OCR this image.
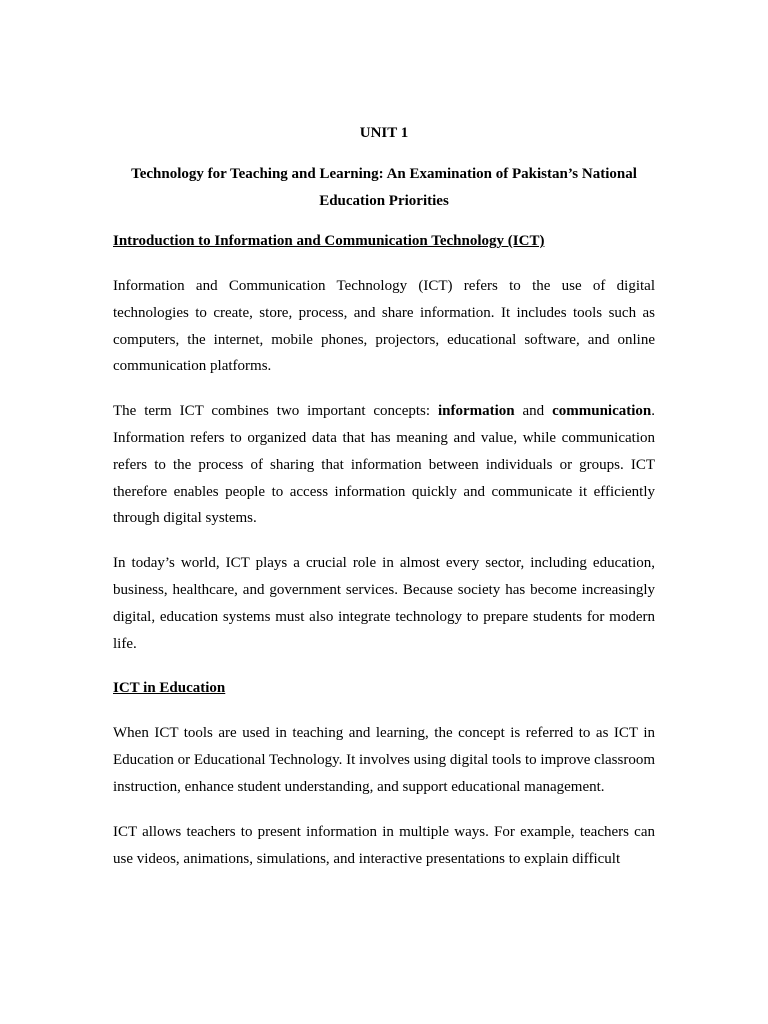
UNIT 1
Technology for Teaching and Learning: An Examination of Pakistan’s National Education Priorities
Introduction to Information and Communication Technology (ICT)

Information and Communication Technology (ICT) refers to the use of digital technologies to create, store, process, and share information. It includes tools such as computers, the internet, mobile phones, projectors, educational software, and online communication platforms.

The term ICT combines two important concepts: information and communication. Information refers to organized data that has meaning and value, while communication refers to the process of sharing that information between individuals or groups. ICT therefore enables people to access information quickly and communicate it efficiently through digital systems.

In today’s world, ICT plays a crucial role in almost every sector, including education, business, healthcare, and government services. Because society has become increasingly digital, education systems must also integrate technology to prepare students for modern life.

ICT in Education

When ICT tools are used in teaching and learning, the concept is referred to as ICT in Education or Educational Technology. It involves using digital tools to improve classroom instruction, enhance student understanding, and support educational management.

ICT allows teachers to present information in multiple ways. For example, teachers can use videos, animations, simulations, and interactive presentations to explain difficult
